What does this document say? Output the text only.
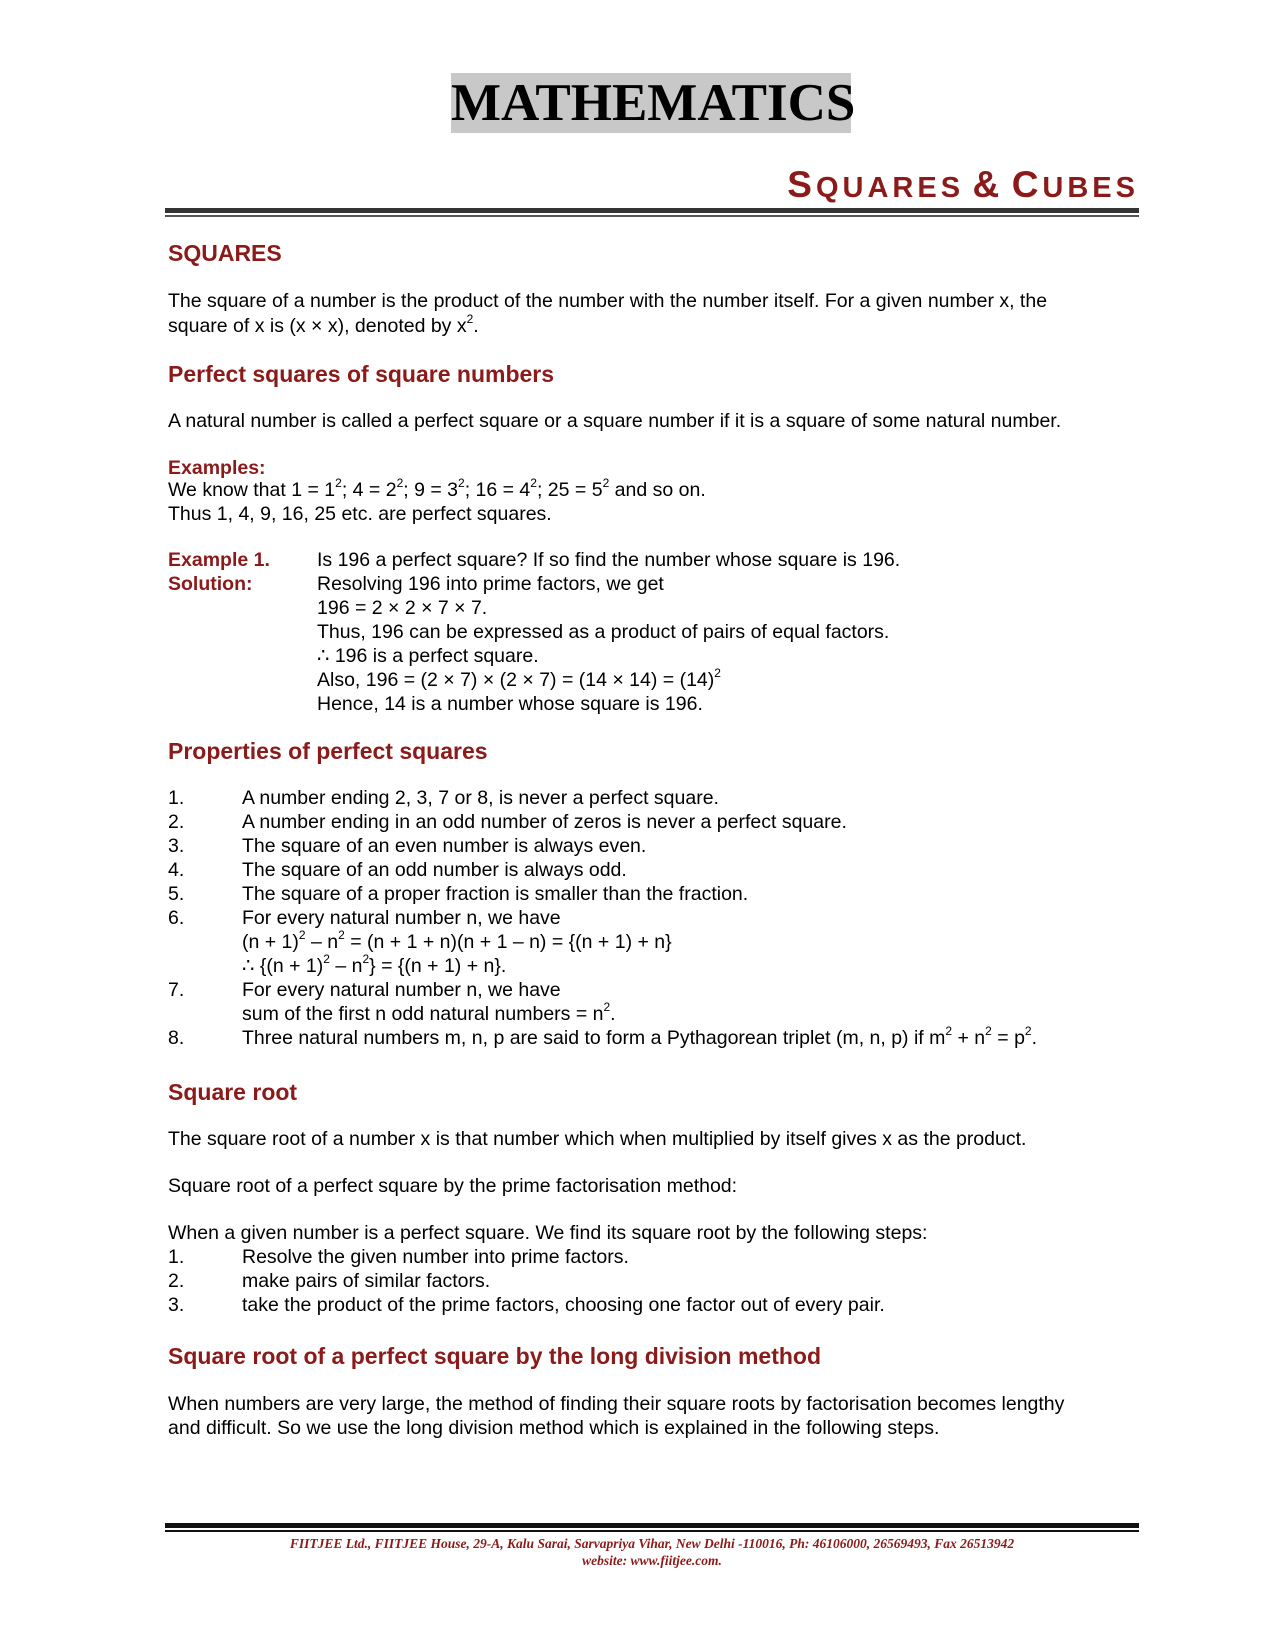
MATHEMATICS
SQUARES & CUBES
SQUARES
The square of a number is the product of the number with the number itself. For a given number x, the
square of x is (x × x), denoted by $x^2$.
Perfect squares of square numbers
A natural number is called a perfect square or a square number if it is a square of some natural number.
Examples:
We know that $1 = 1^2$; $4 = 2^2$; $9 = 3^2$; $16 = 4^2$; $25 = 5^2$ and so on.
Thus 1, 4, 9, 16, 25 etc. are perfect squares.
Example 1. Is 196 a perfect square? If so find the number whose square is 196.
Solution:	Resolving 196 into prime factors, we get
196 = 2 × 2 × 7 × 7.
Thus, 196 can be expressed as a product of pairs of equal factors.
∴ 196 is a perfect square.
Also, $196 = (2 \times 7) \times (2 \times 7) = (14 \times 14) = (14)^2$
Hence, 14 is a number whose square is 196.
Properties of perfect squares
1.	A number ending 2, 3, 7 or 8, is never a perfect square.
2.	A number ending in an odd number of zeros is never a perfect square.
3.	The square of an even number is always even.
4.	The square of an odd number is always odd.
5.	The square of a proper fraction is smaller than the fraction.
6.	For every natural number n, we have
$(n + 1)^2 - n^2 = (n + 1 + n)(n + 1 - n) = \{(n + 1) + n\}$
∴ $\{(n + 1)^2 - n^2\} = \{(n + 1) + n\}$.
7.	For every natural number n, we have
sum of the first n odd natural numbers = $n^2$.
8.	Three natural numbers m, n, p are said to form a Pythagorean triplet (m, n, p) if $m^2 + n^2 = p^2$.
Square root
The square root of a number x is that number which when multiplied by itself gives x as the product.
Square root of a perfect square by the prime factorisation method:
When a given number is a perfect square. We find its square root by the following steps:
1.	Resolve the given number into prime factors.
2.	make pairs of similar factors.
3.	take the product of the prime factors, choosing one factor out of every pair.
Square root of a perfect square by the long division method
When numbers are very large, the method of finding their square roots by factorisation becomes lengthy
and difficult. So we use the long division method which is explained in the following steps.
FIITJEE Ltd., FIITJEE House, 29-A, Kalu Sarai, Sarvapriya Vihar, New Delhi -110016, Ph: 46106000, 26569493, Fax 26513942
website: www.fiitjee.com.
